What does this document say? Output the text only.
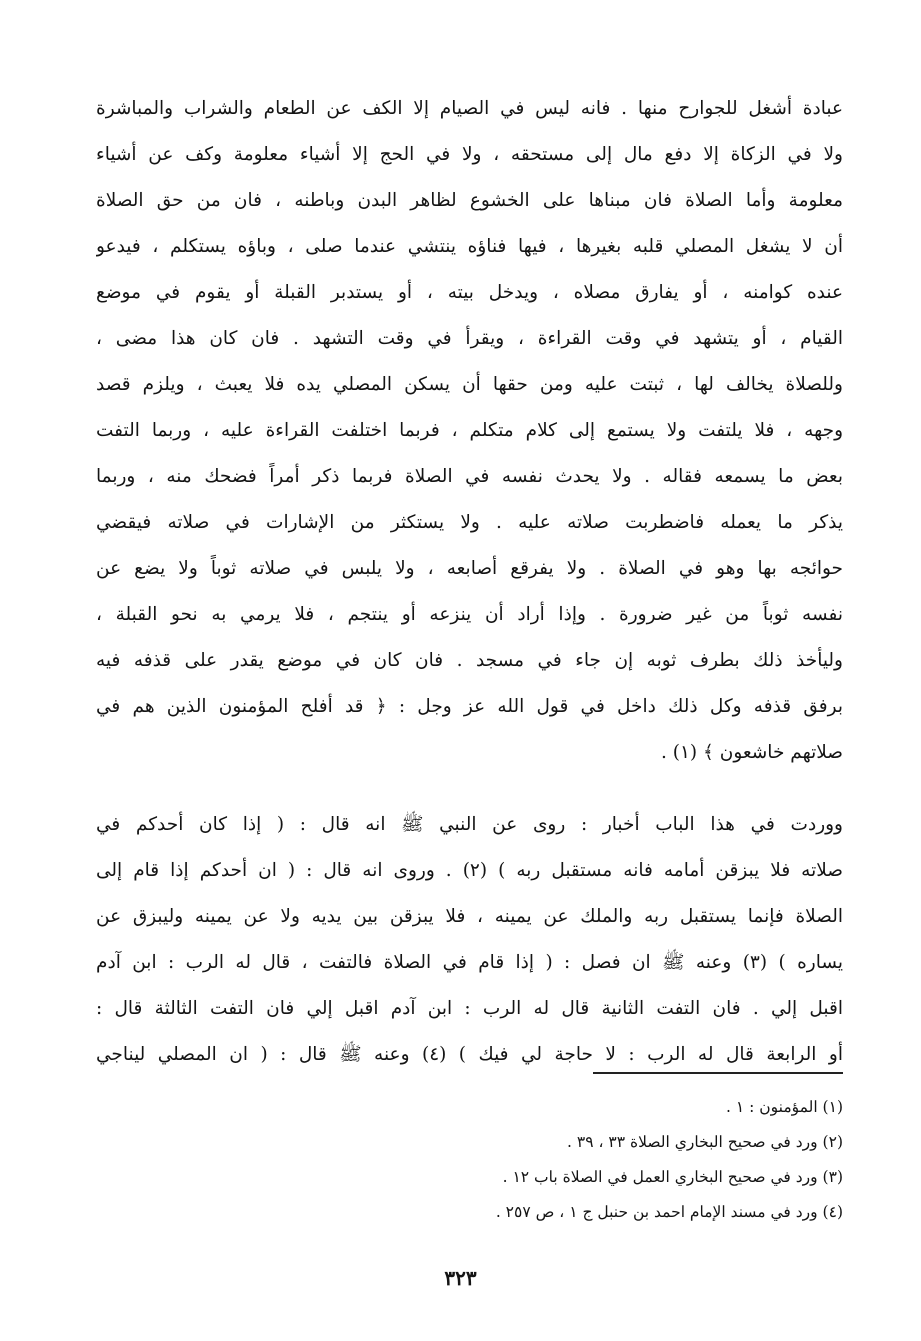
عبادة أشغل للجوارح منها . فانه ليس في الصيام إلا الكف عن الطعام والشراب والمباشرة
ولا في الزكاة إلا دفع مال إلى مستحقه ، ولا في الحج إلا أشياء معلومة وكف عن أشياء
معلومة وأما الصلاة فان مبناها على الخشوع لظاهر البدن وباطنه ، فان من حق الصلاة
أن لا يشغل المصلي قلبه بغيرها ، فيها فناؤه ينتشي عندما صلى ، وباؤه يستكلم ، فيدعو
عنده كوامنه ، أو يفارق مصلاه ، ويدخل بيته ، أو يستدبر القبلة أو يقوم في موضع
القيام ، أو يتشهد في وقت القراءة ، ويقرأ في وقت التشهد . فان كان هذا مضى ،
وللصلاة يخالف لها ، ثبتت عليه ومن حقها أن يسكن المصلي يده فلا يعبث ، ويلزم قصد
وجهه ، فلا يلتفت ولا يستمع إلى كلام متكلم ، فربما اختلفت القراءة عليه ، وربما التفت
بعض ما يسمعه فقاله . ولا يحدث نفسه في الصلاة فربما ذكر أمراً فضحك منه ، وربما
يذكر ما يعمله فاضطربت صلاته عليه . ولا يستكثر من الإشارات في صلاته فيقضي
حوائجه بها وهو في الصلاة . ولا يفرقع أصابعه ، ولا يلبس في صلاته ثوباً ولا يضع عن
نفسه ثوباً من غير ضرورة . وإذا أراد أن ينزعه أو ينتجم ، فلا يرمي به نحو القبلة ،
وليأخذ ذلك بطرف ثوبه إن جاء في مسجد . فان كان في موضع يقدر على قذفه فيه
برفق قذفه وكل ذلك داخل في قول الله عز وجل : ﴿ قد أفلح المؤمنون الذين هم في
صلاتهم خاشعون ﴾ (١) .
ووردت في هذا الباب أخبار : روى عن النبي ﷺ انه قال : ( إذا كان أحدكم في
صلاته فلا يبزقن أمامه فانه مستقبل ربه ) (٢) . وروى انه قال : ( ان أحدكم إذا قام إلى
الصلاة فإنما يستقبل ربه والملك عن يمينه ، فلا يبزقن بين يديه ولا عن يمينه وليبزق عن
يساره ) (٣) وعنه ﷺ ان فصل : ( إذا قام في الصلاة فالتفت ، قال له الرب : ابن آدم
اقبل إلي . فان التفت الثانية قال له الرب : ابن آدم اقبل إلي فان التفت الثالثة قال :
أو الرابعة قال له الرب : لا حاجة لي فيك ) (٤) وعنه ﷺ قال : ( ان المصلي ليناجي
(١) المؤمنون : ١ .
(٢) ورد في صحيح البخاري الصلاة ٣٣ ، ٣٩ .
(٣) ورد في صحيح البخاري العمل في الصلاة باب ١٢ .
(٤) ورد في مسند الإمام احمد بن حنبل ج ١ ، ص ٢٥٧ .
٣٢٣
